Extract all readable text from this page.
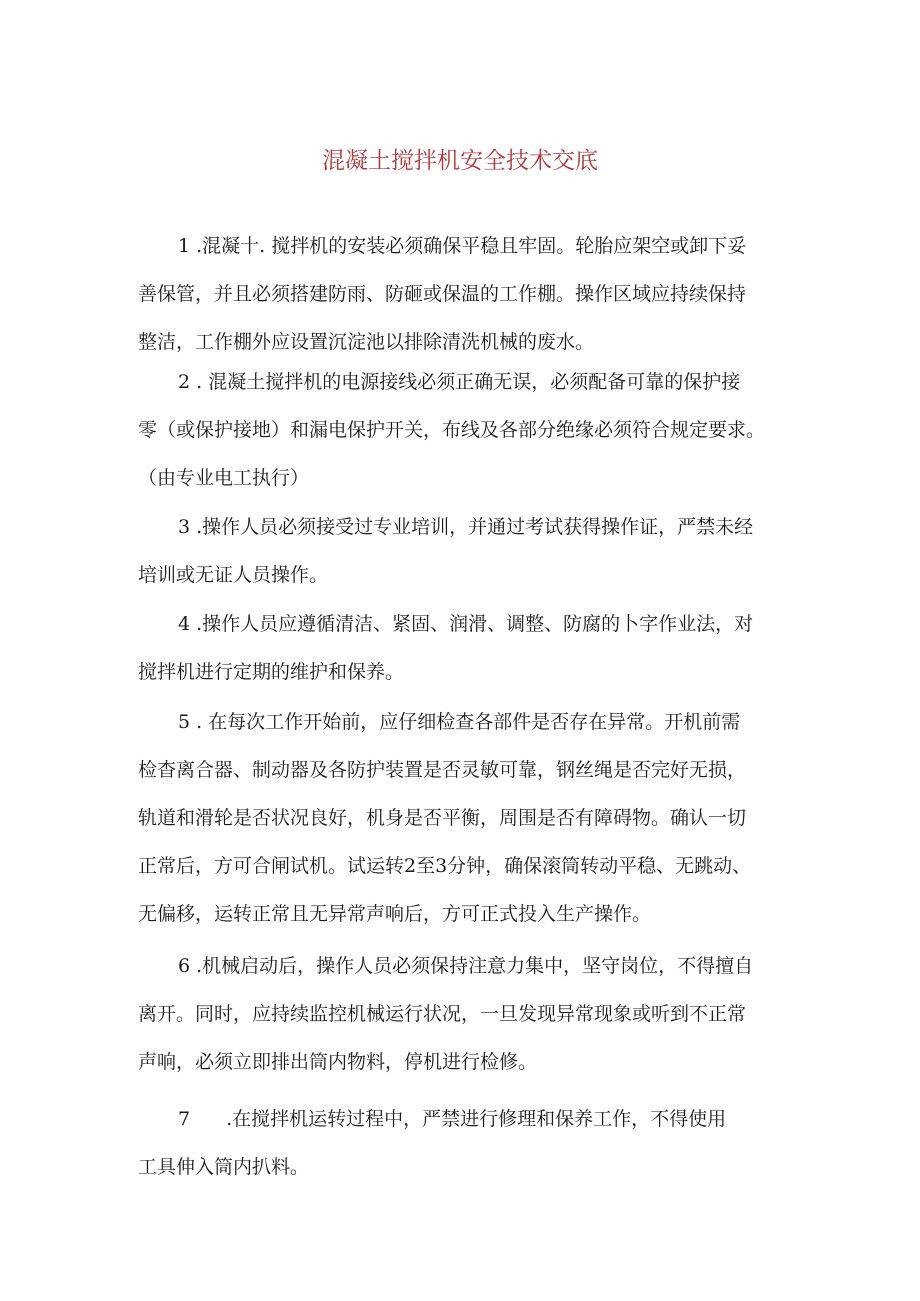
混凝土搅拌机安全技术交底
1 .混凝十. 搅拌机的安装必须确保平稳且牢固。轮胎应架空或卸下妥
善保管，并且必须搭建防雨、防砸或保温的工作棚。操作区域应持续保持
整洁，工作棚外应设置沉淀池以排除清洗机械的废水。
2 . 混凝土搅拌机的电源接线必须正确无误，必须配备可靠的保护接
零（或保护接地）和漏电保护开关，布线及各部分绝缘必须符合规定要求。
（由专业电工执行）
3 .操作人员必须接受过专业培训，并通过考试获得操作证，严禁未经
培训或无证人员操作。
4 .操作人员应遵循清洁、紧固、润滑、调整、防腐的卜字作业法，对
搅拌机进行定期的维护和保养。
5 . 在每次工作开始前，应仔细检查各部件是否存在异常。开机前需
检杳离合器、制动器及各防护装置是否灵敏可靠，钢丝绳是否完好无损，
轨道和滑轮是否状况良好，机身是否平衡，周围是否有障碍物。确认一切
正常后，方可合闸试机。试运转2至3分钟，确保滚筒转动平稳、无跳动、
无偏移，运转正常且无异常声响后，方可正式投入生产操作。
6 .机械启动后，操作人员必须保持注意力集中，坚守岗位，不得擅自
离开。同时，应持续监控机械运行状况，一旦发现异常现象或听到不正常
声响，必须立即排出筒内物料，停机进行检修。
7 .在搅拌机运转过程中，严禁进行修理和保养工作，不得使用
工具伸入筒内扒料。
